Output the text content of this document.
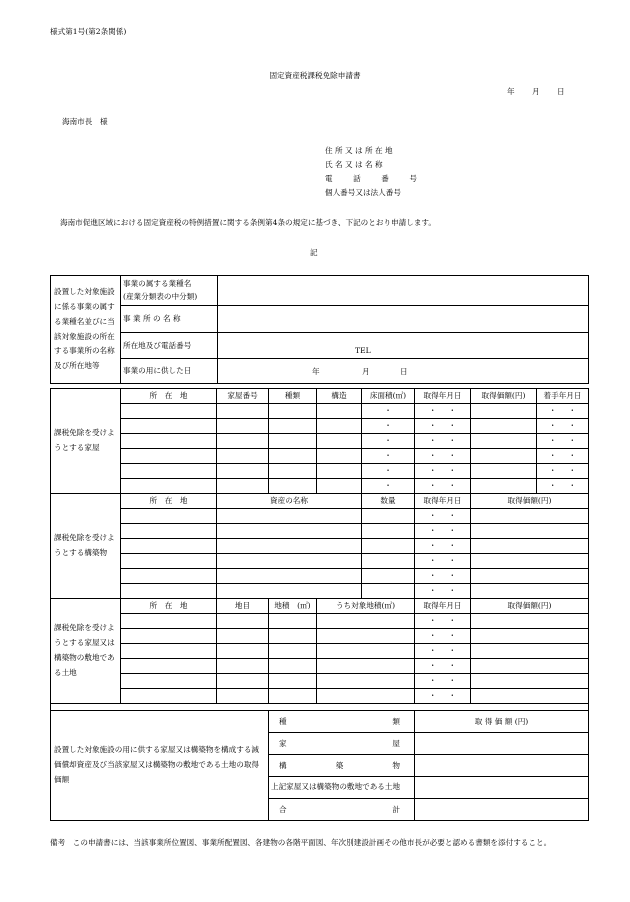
様式第1号(第2条関係)
固定資産税課税免除申請書
年 月 日
海南市長　様
住 所 又 は 所 在 地
氏 名 又 は 名 称
電	話	番	号
個人番号又は法人番号
海南市促進区域における固定資産税の特例措置に関する条例第4条の規定に基づき、下記のとおり申請します。
記
設置した対象施設に係る事業の属する業種名並びに当該対象施設の所在する事業所の名称及び所在地等	事業の属する業種名
(産業分類表の中分類)	

	事 業 所 の 名 称	
	所在地及び電話番号	TEL

	事業の用に供した日	年 月 日
課税免除を受けようとする家屋	所　在　地	家屋番号	種類	構造	床面積(㎡)	取得年月日	取得価額(円)	着手年月日
					・	・ ・		・ ・

					・	・ ・		・ ・

					・	・ ・		・ ・

					・	・ ・		・ ・

					・	・ ・		・ ・

					・	・ ・		・ ・

課税免除を受けようとする構築物	所　在　地	資産の名称			数量	取得年月日	取得価額(円)	

						・ ・		

						・ ・		

						・ ・		

						・ ・		

						・ ・		

						・ ・		

課税免除を受けようとする家屋又は構築物の敷地である土地	所　在　地	地目	地積　(㎡)	うち対象地積(㎡)		取得年月日	取得価額(円)	

						・ ・		

						・ ・		

						・ ・		

						・ ・		

						・ ・		

						・ ・		

設置した対象施設の用に供する家屋又は構築物を構成する減価償却資産及び当該家屋又は構築物の敷地である土地の取得価額			種 類			取 得 価 額 (円)		

			家 屋					

			構 築 物					

			上記家屋又は構築物の敷地である土地					

			合 計					

備考　この申請書には、当該事業所位置図、事業所配置図、各建物の各階平面図、年次別建設計画その他市長が必要と認める書類を添付すること。
